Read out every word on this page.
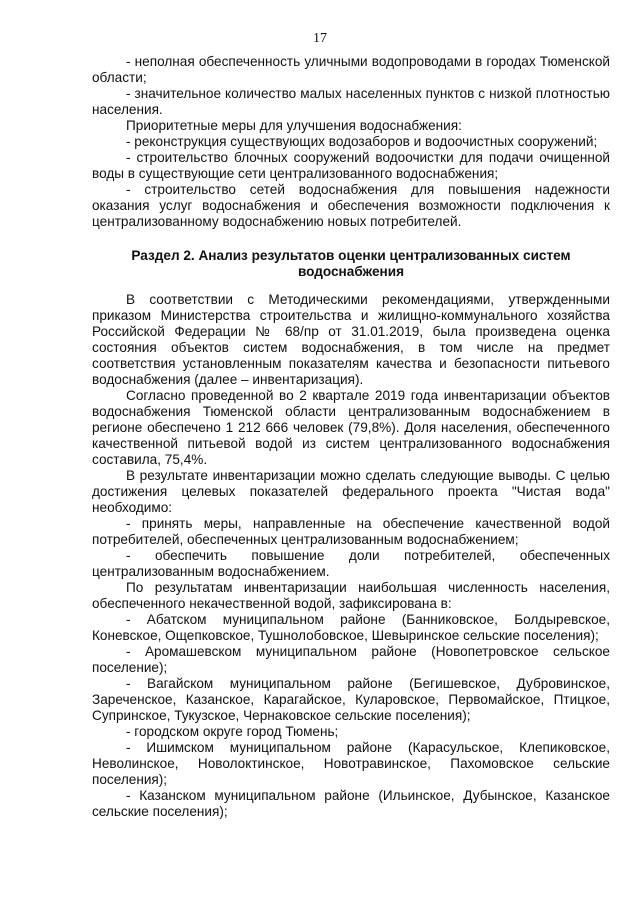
17

- неполная обеспеченность уличными водопроводами в городах Тюменской области;

- значительное количество малых населенных пунктов с низкой плотностью населения.

Приоритетные меры для улучшения водоснабжения:

- реконструкция существующих водозаборов и водоочистных сооружений;

- строительство блочных сооружений водоочистки для подачи очищенной воды в существующие сети централизованного водоснабжения;

- строительство сетей водоснабжения для повышения надежности оказания услуг водоснабжения и обеспечения возможности подключения к централизованному водоснабжению новых потребителей.

Раздел 2. Анализ результатов оценки централизованных систем водоснабжения

В соответствии с Методическими рекомендациями, утвержденными приказом Министерства строительства и жилищно-коммунального хозяйства Российской Федерации № 68/пр от 31.01.2019, была произведена оценка состояния объектов систем водоснабжения, в том числе на предмет соответствия установленным показателям качества и безопасности питьевого водоснабжения (далее – инвентаризация).

Согласно проведенной во 2 квартале 2019 года инвентаризации объектов водоснабжения Тюменской области централизованным водоснабжением в регионе обеспечено 1 212 666 человек (79,8%). Доля населения, обеспеченного качественной питьевой водой из систем централизованного водоснабжения составила, 75,4%.

В результате инвентаризации можно сделать следующие выводы. С целью достижения целевых показателей федерального проекта "Чистая вода" необходимо:

- принять меры, направленные на обеспечение качественной водой потребителей, обеспеченных централизованным водоснабжением;

- обеспечить повышение доли потребителей, обеспеченных централизованным водоснабжением.

По результатам инвентаризации наибольшая численность населения, обеспеченного некачественной водой, зафиксирована в:

- Абатском муниципальном районе (Банниковское, Болдыревское, Коневское, Ощепковское, Тушнолобовское, Шевыринское сельские поселения);

- Аромашевском муниципальном районе (Новопетровское сельское поселение);

- Вагайском муниципальном районе (Бегишевское, Дубровинское, Зареченское, Казанское, Карагайское, Куларовское, Первомайское, Птицкое, Супринское, Тукузское, Чернаковское сельские поселения);

- городском округе город Тюмень;

- Ишимском муниципальном районе (Карасульское, Клепиковское, Неволинское, Новолоктинское, Новотравинское, Пахомовское сельские поселения);

- Казанском муниципальном районе (Ильинское, Дубынское, Казанское сельские поселения);
